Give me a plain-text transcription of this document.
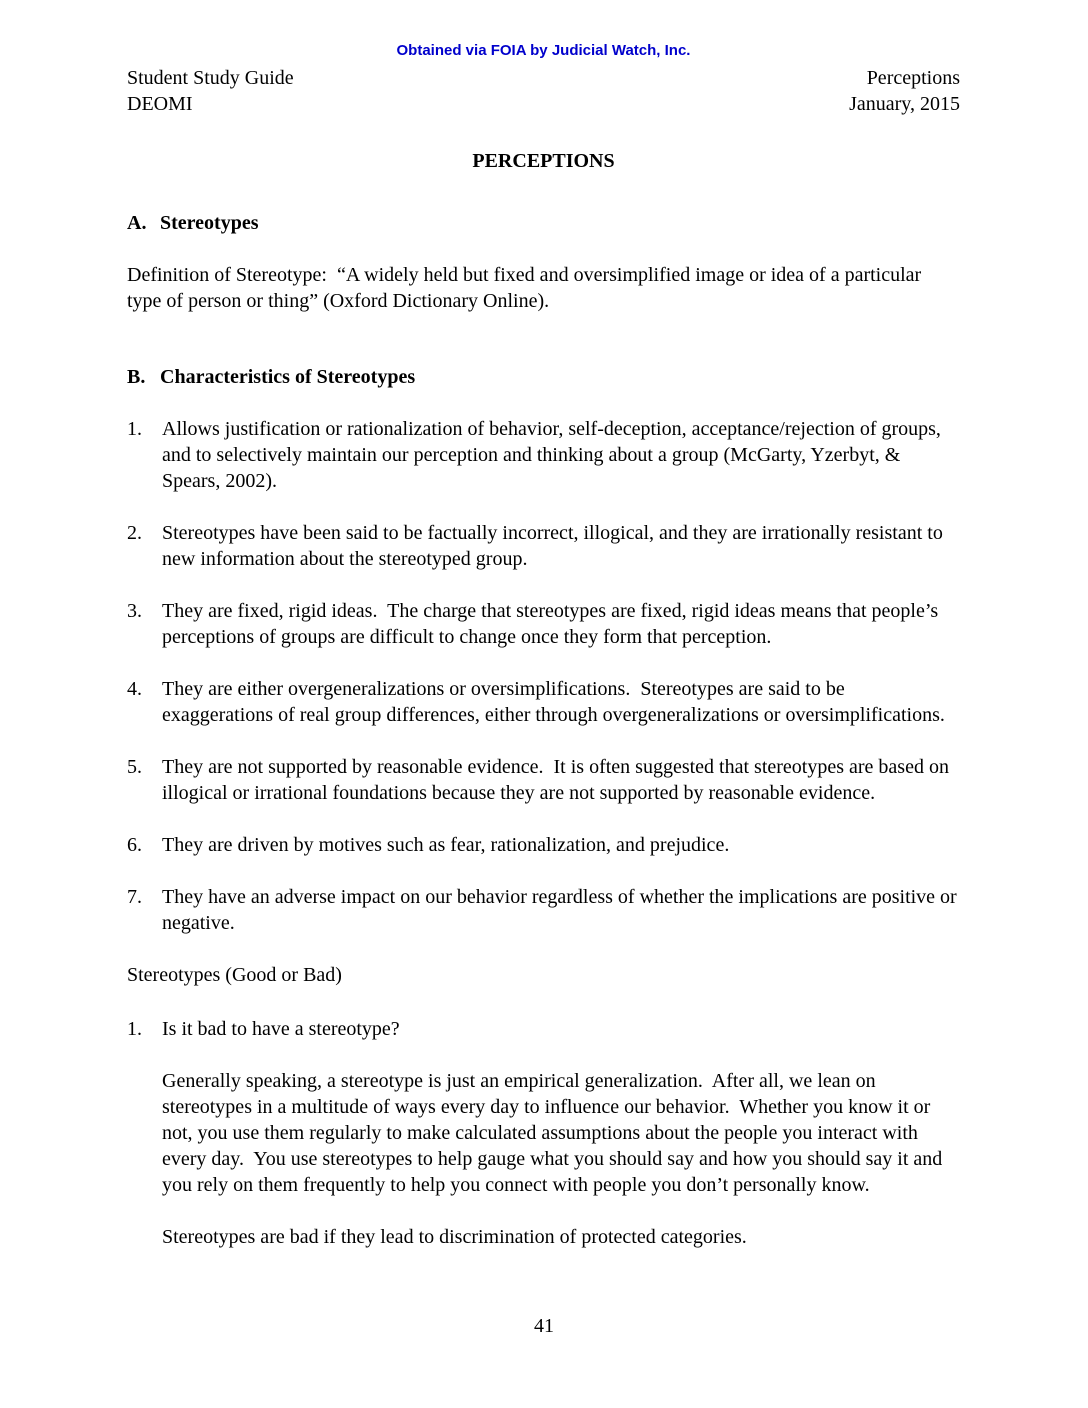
Obtained via FOIA by Judicial Watch, Inc.
Student Study Guide
DEOMI
Perceptions
January, 2015
PERCEPTIONS
A. Stereotypes

Definition of Stereotype:  “A widely held but fixed and oversimplified image or idea of a particular type of person or thing” (Oxford Dictionary Online).

B. Characteristics of Stereotypes
1.	Allows justification or rationalization of behavior, self-deception, acceptance/rejection of groups, and to selectively maintain our perception and thinking about a group (McGarty, Yzerbyt, & Spears, 2002).
2.	Stereotypes have been said to be factually incorrect, illogical, and they are irrationally resistant to new information about the stereotyped group.
3.	They are fixed, rigid ideas.  The charge that stereotypes are fixed, rigid ideas means that people’s perceptions of groups are difficult to change once they form that perception.
4.	They are either overgeneralizations or oversimplifications.  Stereotypes are said to be exaggerations of real group differences, either through overgeneralizations or oversimplifications.
5.	They are not supported by reasonable evidence.  It is often suggested that stereotypes are based on illogical or irrational foundations because they are not supported by reasonable evidence.
6.	They are driven by motives such as fear, rationalization, and prejudice.
7.	They have an adverse impact on our behavior regardless of whether the implications are positive or negative.
Stereotypes (Good or Bad)
1.	Is it bad to have a stereotype?

Generally speaking, a stereotype is just an empirical generalization.  After all, we lean on stereotypes in a multitude of ways every day to influence our behavior.  Whether you know it or not, you use them regularly to make calculated assumptions about the people you interact with every day.  You use stereotypes to help gauge what you should say and how you should say it and you rely on them frequently to help you connect with people you don’t personally know.

Stereotypes are bad if they lead to discrimination of protected categories.

41
